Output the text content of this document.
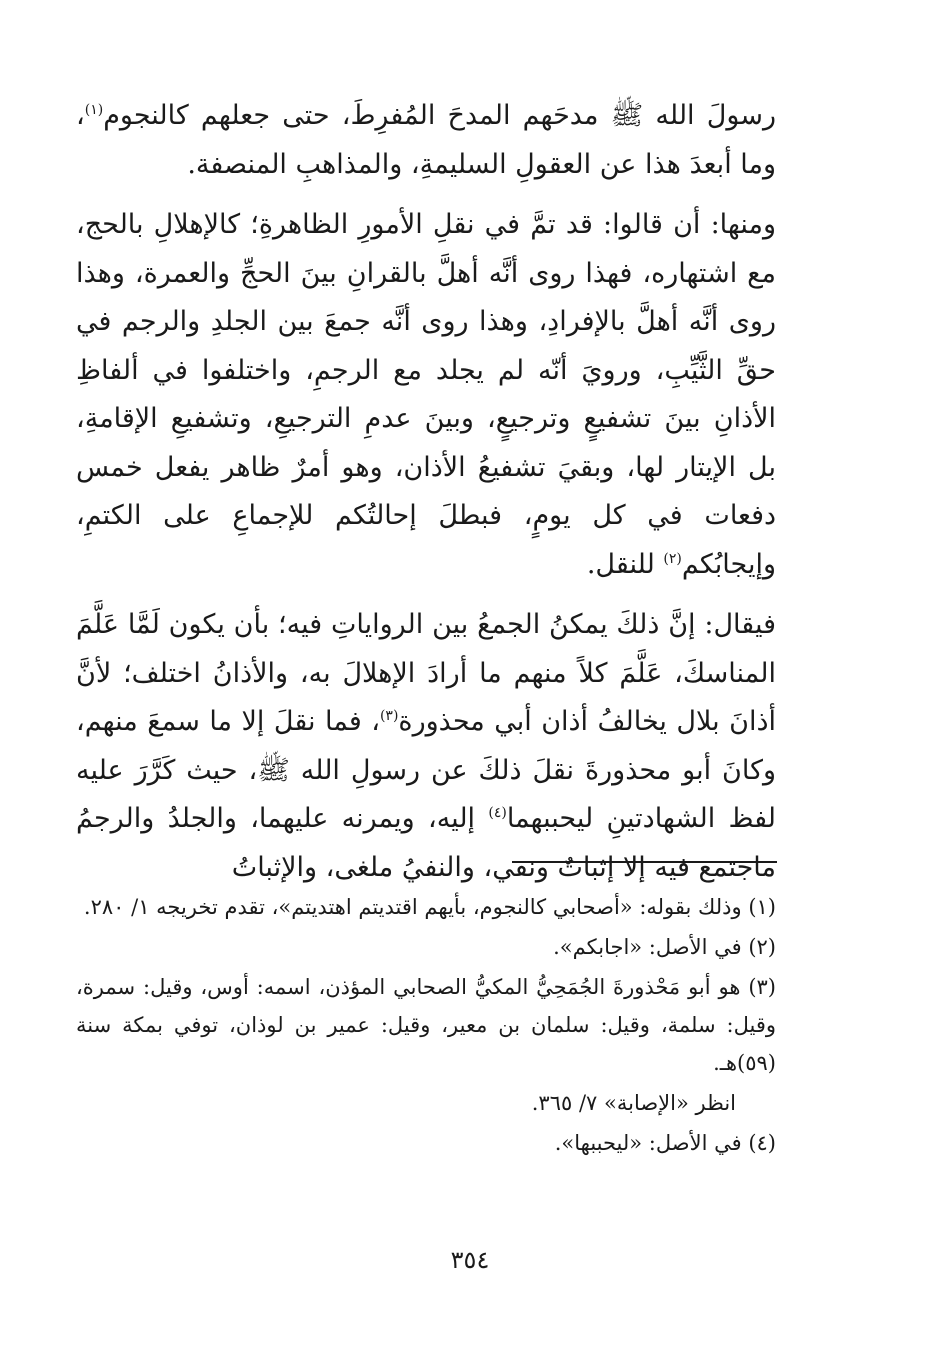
رسولَ الله ﷺ مدحَهم المدحَ المُفرِطَ، حتى جعلهم كالنجوم$^{(١)}$، وما أبعدَ هذا عن العقولِ السليمةِ، والمذاهبِ المنصفة.

ومنها: أن قالوا: قد تمَّ في نقلِ الأمورِ الظاهرةِ؛ كالإهلالِ بالحج، مع اشتهاره، فهذا روى أنَّه أهلَّ بالقرانِ بينَ الحجِّ والعمرة، وهذا روى أنَّه أهلَّ بالإفرادِ، وهذا روى أنَّه جمعَ بين الجلدِ والرجم في حقِّ الثَّيِّبِ، ورويَ أنّه لم يجلد مع الرجمِ، واختلفوا في ألفاظِ الأذانِ بينَ تشفيعٍ وترجيعٍ، وبينَ عدمِ الترجيعِ، وتشفيعِ الإقامةِ، بل الإيتار لها، وبقيَ تشفيعُ الأذان، وهو أمرٌ ظاهر يفعل خمس دفعات في كل يومٍ، فبطلَ إحالتُكم للإجماعِ على الكتمِ، وإيجابُكم$^{(٢)}$ للنقل.

فيقال: إنَّ ذلكَ يمكنُ الجمعُ بين الرواياتِ فيه؛ بأن يكون لَمَّا عَلَّمَ المناسكَ، عَلَّمَ كلاً منهم ما أرادَ الإهلالَ به، والأذانُ اختلف؛ لأنَّ أذانَ بلال يخالفُ أذان أبي محذورة$^{(٣)}$، فما نقلَ إلا ما سمعَ منهم، وكانَ أبو محذورةَ نقلَ ذلكَ عن رسولِ الله ﷺ، حيث كَرَّرَ عليه لفظ الشهادتينِ ليحببهما$^{(٤)}$ إليه، ويمرنه عليهما، والجلدُ والرجمُ ماجتمع فيه إلا إثباتٌ ونفي، والنفيُ ملغى، والإثباتُ

(١) وذلك بقوله: «أصحابي كالنجوم، بأيهم اقتديتم اهتديتم»، تقدم تخريجه ١/ ٢٨٠.

(٢) في الأصل: «اجابكم».

(٣) هو أبو مَحْذورةَ الجُمَحِيُّ المكيُّ الصحابي المؤذن، اسمه: أوس، وقيل: سمرة، وقيل: سلمة، وقيل: سلمان بن معير، وقيل: عمير بن لوذان، توفي بمكة سنة (٥٩)هـ.

انظر «الإصابة» ٧/ ٣٦٥.

(٤) في الأصل: «ليحببها».

٣٥٤
